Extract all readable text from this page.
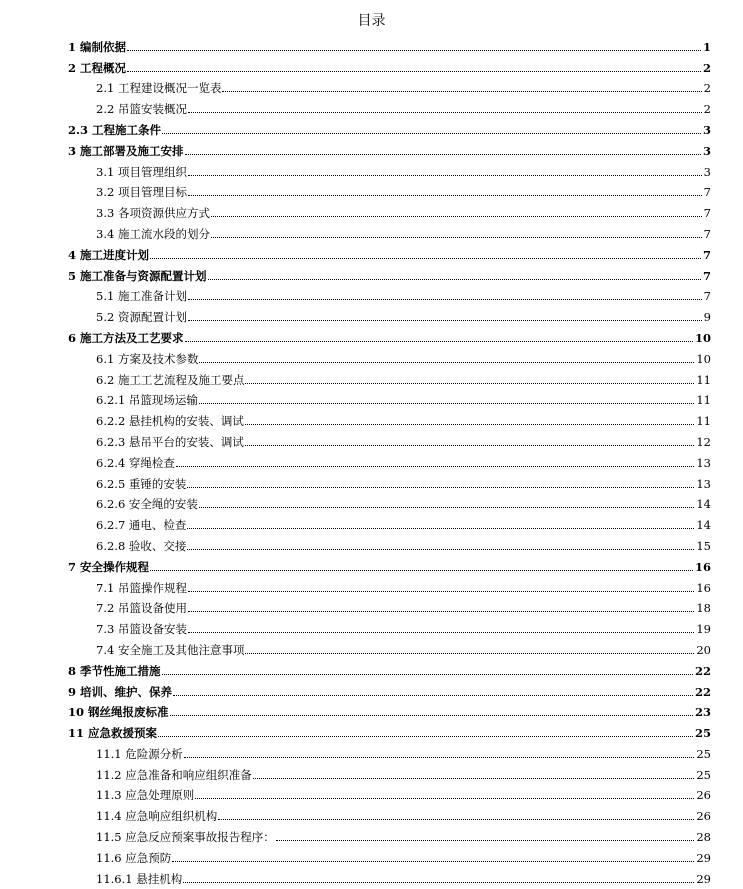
目录
1 编制依据	1
2 工程概况	2
2.1 工程建设概况一览表	2
2.2 吊篮安装概况	2
2.3 工程施工条件	3
3 施工部署及施工安排	3
3.1 项目管理组织	3
3.2 项目管理目标	7
3.3 各项资源供应方式	7
3.4 施工流水段的划分	7
4 施工进度计划	7
5 施工准备与资源配置计划	7
5.1 施工准备计划	7
5.2 资源配置计划	9
6 施工方法及工艺要求	10
6.1 方案及技术参数	10
6.2 施工工艺流程及施工要点	11
6.2.1 吊篮现场运输	11
6.2.2 悬挂机构的安装、调试	11
6.2.3 悬吊平台的安装、调试	12
6.2.4 穿绳检查	13
6.2.5 重锤的安装	13
6.2.6 安全绳的安装	14
6.2.7 通电、检查	14
6.2.8 验收、交接	15
7 安全操作规程	16
7.1 吊篮操作规程	16
7.2 吊篮设备使用	18
7.3 吊篮设备安装	19
7.4 安全施工及其他注意事项	20
8 季节性施工措施	22
9 培训、维护、保养	22
10 钢丝绳报废标准	23
11 应急救援预案	25
11.1 危险源分析	25
11.2 应急准备和响应组织准备	25
11.3 应急处理原则	26
11.4 应急响应组织机构	26
11.5 应急反应预案事故报告程序：	28
11.6 应急预防	29
11.6.1 悬挂机构	29
